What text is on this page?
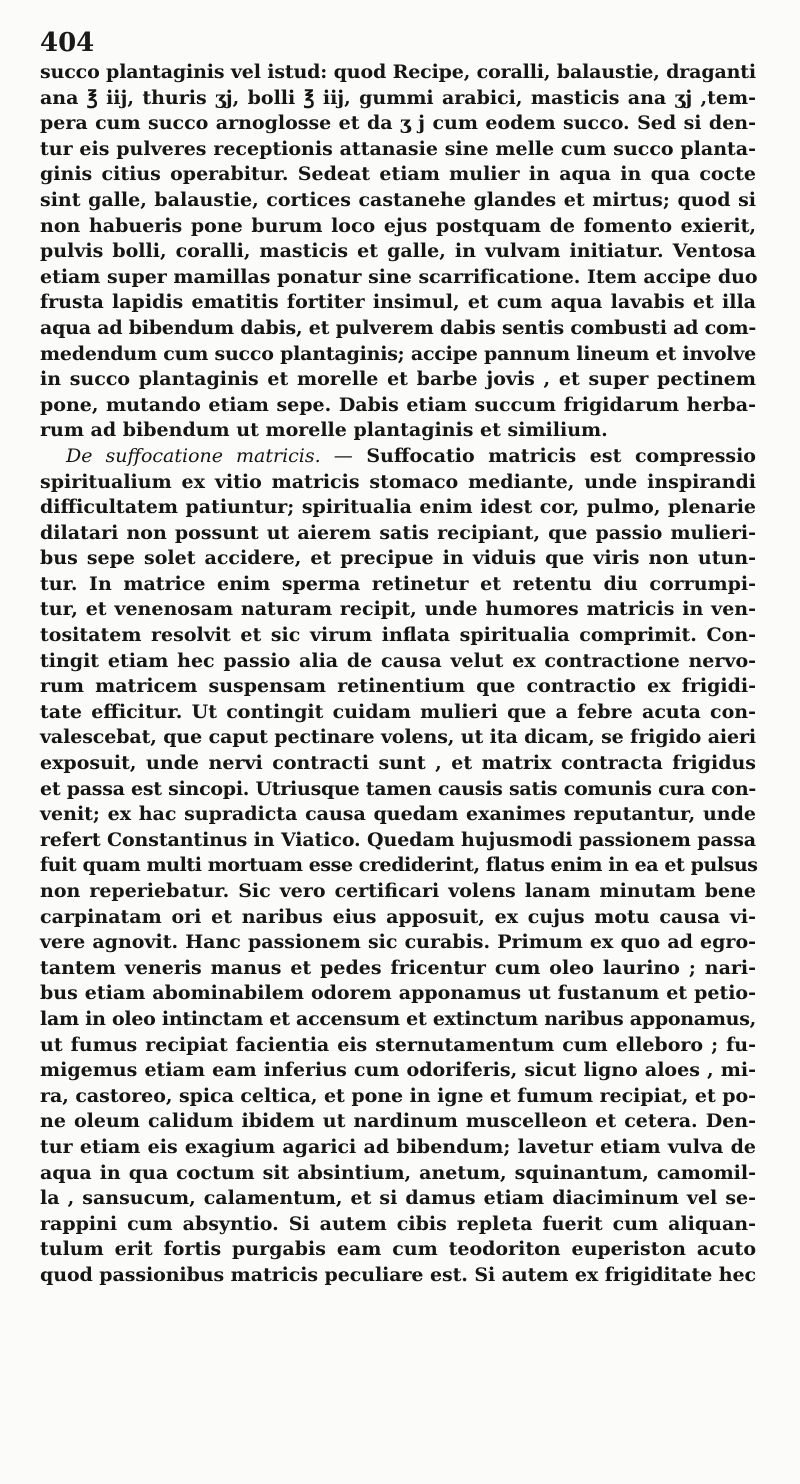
404
succo plantaginis vel istud: quod Recipe, coralli, balaustie, draganti
ana ℥ iij, thuris ʒj, bolli ℥ iij, gummi arabici, masticis ana ʒj ,tem-
pera cum succo arnoglosse et da ʒ j cum eodem succo. Sed si den-
tur eis pulveres receptionis attanasie sine melle cum succo planta-
ginis citius operabitur. Sedeat etiam mulier in aqua in qua cocte
sint galle, balaustie, cortices castanehe glandes et mirtus; quod si
non habueris pone burum loco ejus postquam de fomento exierit,
pulvis bolli, coralli, masticis et galle, in vulvam initiatur. Ventosa
etiam super mamillas ponatur sine scarrificatione. Item accipe duo
frusta lapidis ematitis fortiter insimul, et cum aqua lavabis et illa
aqua ad bibendum dabis, et pulverem dabis sentis combusti ad com-
medendum cum succo plantaginis; accipe pannum lineum et involve
in succo plantaginis et morelle et barbe jovis , et super pectinem
pone, mutando etiam sepe. Dabis etiam succum frigidarum herba-
rum ad bibendum ut morelle plantaginis et similium.
De suffocatione matricis. — Suffocatio matricis est compressio
spiritualium ex vitio matricis stomaco mediante, unde inspirandi
difficultatem patiuntur; spiritualia enim idest cor, pulmo, plenarie
dilatari non possunt ut aierem satis recipiant, que passio mulieri-
bus sepe solet accidere, et precipue in viduis que viris non utun-
tur. In matrice enim sperma retinetur et retentu diu corrumpi-
tur, et venenosam naturam recipit, unde humores matricis in ven-
tositatem resolvit et sic virum inflata spiritualia comprimit. Con-
tingit etiam hec passio alia de causa velut ex contractione nervo-
rum matricem suspensam retinentium que contractio ex frigidi-
tate efficitur. Ut contingit cuidam mulieri que a febre acuta con-
valescebat, que caput pectinare volens, ut ita dicam, se frigido aieri
exposuit, unde nervi contracti sunt , et matrix contracta frigidus
et passa est sincopi. Utriusque tamen causis satis comunis cura con-
venit; ex hac supradicta causa quedam exanimes reputantur, unde
refert Constantinus in Viatico. Quedam hujusmodi passionem passa
fuit quam multi mortuam esse crediderint, flatus enim in ea et pulsus
non reperiebatur. Sic vero certificari volens lanam minutam bene
carpinatam ori et naribus eius apposuit, ex cujus motu causa vi-
vere agnovit. Hanc passionem sic curabis. Primum ex quo ad egro-
tantem veneris manus et pedes fricentur cum oleo laurino ; nari-
bus etiam abominabilem odorem apponamus ut fustanum et petio-
lam in oleo intinctam et accensum et extinctum naribus apponamus,
ut fumus recipiat facientia eis sternutamentum cum elleboro ; fu-
migemus etiam eam inferius cum odoriferis, sicut ligno aloes , mi-
ra, castoreo, spica celtica, et pone in igne et fumum recipiat, et po-
ne oleum calidum ibidem ut nardinum muscelleon et cetera. Den-
tur etiam eis exagium agarici ad bibendum; lavetur etiam vulva de
aqua in qua coctum sit absintium, anetum, squinantum, camomil-
la , sansucum, calamentum, et si damus etiam diaciminum vel se-
rappini cum absyntio. Si autem cibis repleta fuerit cum aliquan-
tulum erit fortis purgabis eam cum teodoriton euperiston acuto
quod passionibus matricis peculiare est. Si autem ex frigiditate hec
